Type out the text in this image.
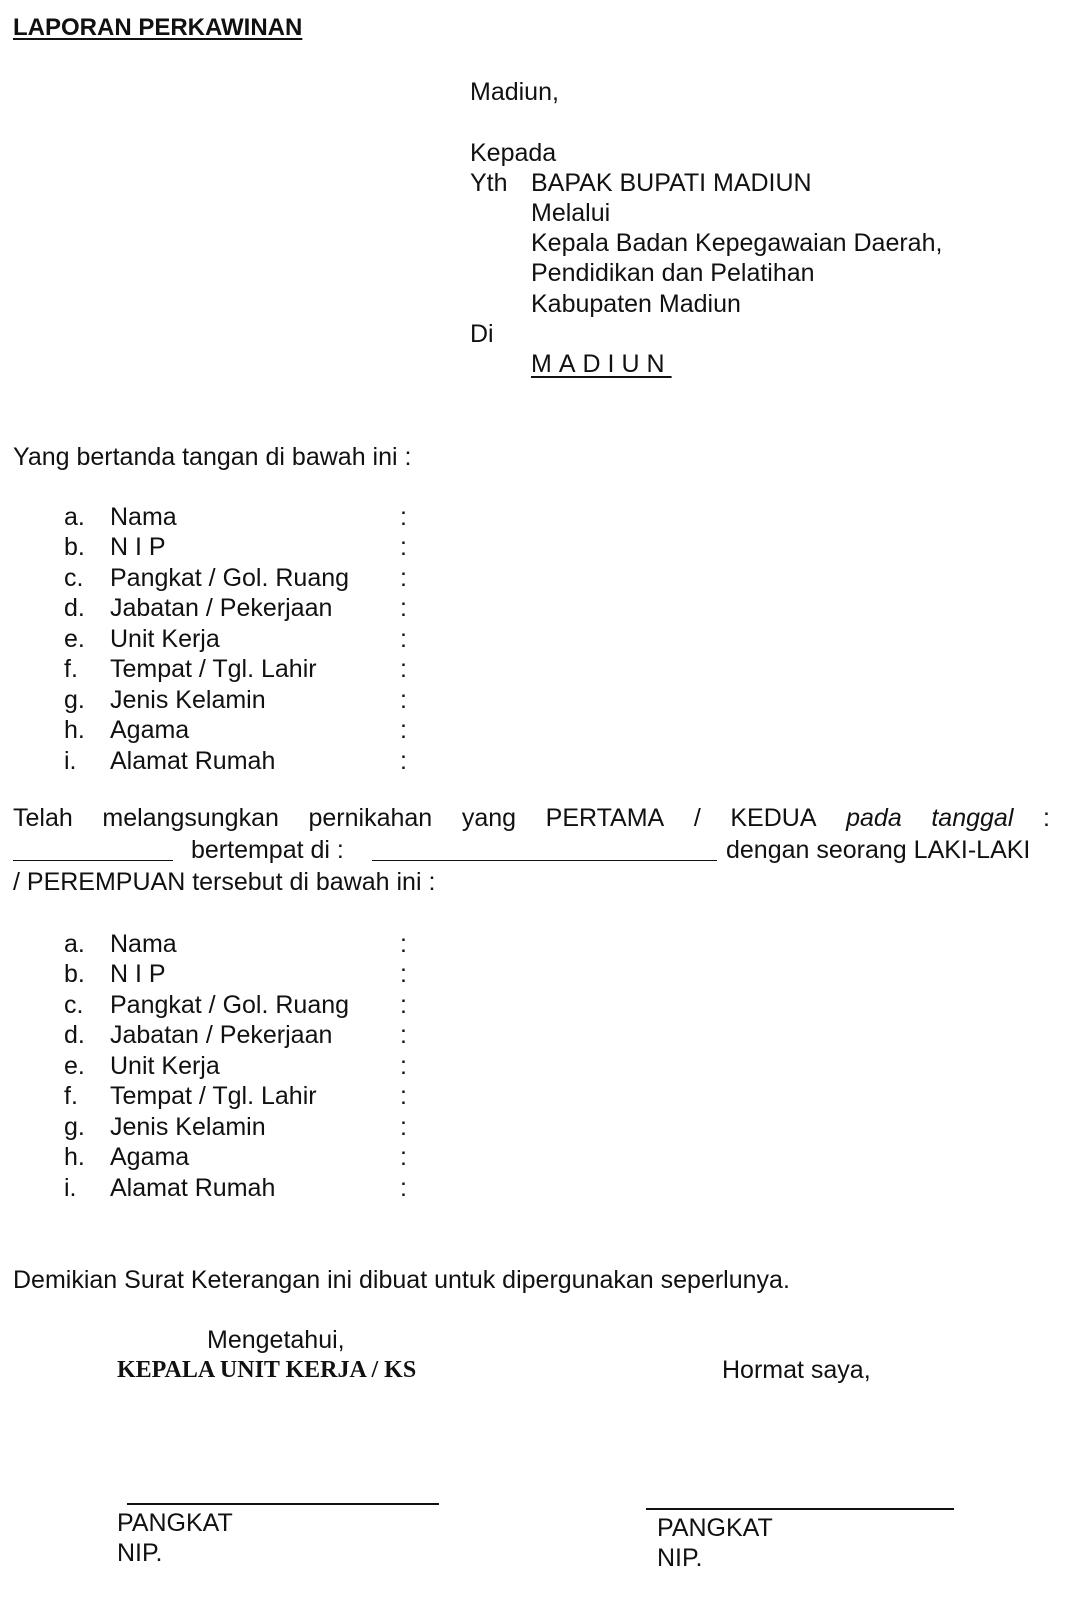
LAPORAN PERKAWINAN
Madiun,
Kepada
Yth BAPAK BUPATI MADIUN
Melalui
Kepala Badan Kepegawaian Daerah,
Pendidikan dan Pelatihan
Kabupaten Madiun
Di
MADIUN
Yang bertanda tangan di bawah ini :
a. Nama	:
b. N I P	:
c. Pangkat / Gol. Ruang :
d. Jabatan / Pekerjaan	:
e. Unit Kerja	:
f. Tempat / Tgl. Lahir	:
g. Jenis Kelamin	:
h. Agama	:
i. Alamat Rumah	:
Telah melangsungkan pernikahan yang PERTAMA / KEDUA pada tanggal :
bertempat di :	dengan seorang LAKI-LAKI
/ PEREMPUAN tersebut di bawah ini :
a. Nama	:
b. N I P	:
c. Pangkat / Gol. Ruang :
d. Jabatan / Pekerjaan	:
e. Unit Kerja	:
f. Tempat / Tgl. Lahir	:
g. Jenis Kelamin	:
h. Agama	:
i. Alamat Rumah	:
Demikian Surat Keterangan ini dibuat untuk dipergunakan seperlunya.
Mengetahui,
KEPALA UNIT KERJA / KS
PANGKAT
NIP.
Hormat saya,
PANGKAT
NIP.
